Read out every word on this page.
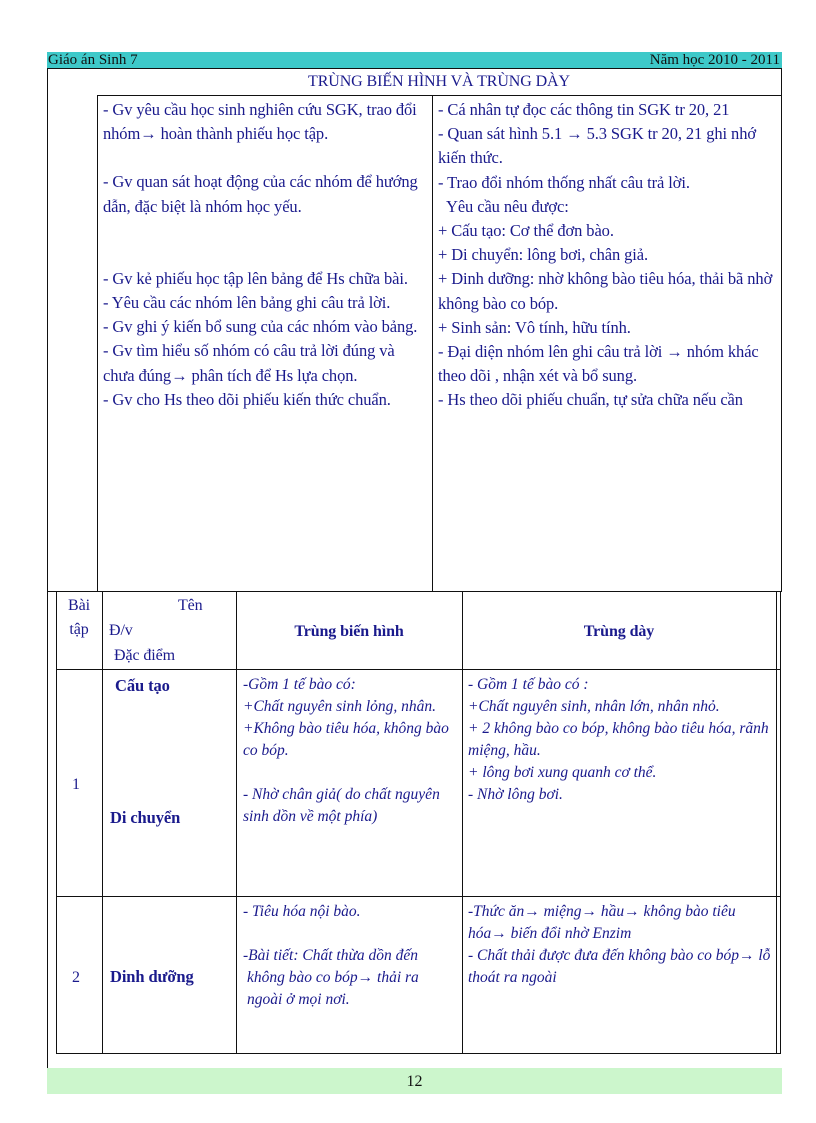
Giáo án Sinh 7	Năm học 2010 - 2011
TRÙNG BIẾN HÌNH VÀ TRÙNG DÀY

- Gv yêu cầu học sinh nghiên cứu SGK, trao đổi nhóm→ hoàn thành phiếu học tập.

- Gv quan sát hoạt động của các nhóm để hướng dẫn, đặc biệt là nhóm học yếu.

- Gv kẻ phiếu học tập lên bảng để Hs chữa bài.

- Yêu cầu các nhóm lên bảng ghi câu trả lời.

- Gv ghi ý kiến bổ sung của các nhóm vào bảng.

- Gv tìm hiểu số nhóm có câu trả lời đúng và chưa đúng→ phân tích để Hs lựa chọn.

- Gv cho Hs theo dõi phiếu kiến thức chuẩn.

- Cá nhân tự đọc các thông tin SGK tr 20, 21

- Quan sát hình 5.1 → 5.3 SGK tr 20, 21 ghi nhớ kiến thức.

- Trao đổi nhóm thống nhất câu trả lời.

Yêu cầu nêu được:

+ Cấu tạo: Cơ thể đơn bào.

+ Di chuyển: lông bơi, chân giả.

+ Dinh dưỡng: nhờ không bào tiêu hóa, thải bã nhờ không bào co bóp.

+ Sinh sản: Vô tính, hữu tính.

- Đại diện nhóm lên ghi câu trả lời → nhóm khác theo dõi , nhận xét và bổ sung.

- Hs theo dõi phiếu chuẩn, tự sửa chữa nếu cần

Bài tập
Tên
Đ/v
Đặc điểm
Trùng biến hình	Trùng dày
1
Cấu tạo
Di chuyển

-Gồm 1 tế bào có:

+Chất nguyên sinh lỏng, nhân.

+Không bào tiêu hóa, không bào co bóp.

- Nhờ chân giả( do chất nguyên sinh dồn về một phía)

- Gồm 1 tế bào có :

+Chất nguyên sinh, nhân lớn, nhân nhỏ.

+ 2 không bào co bóp, không bào tiêu hóa, rãnh miệng, hầu.

+ lông bơi xung quanh cơ thể.

- Nhờ lông bơi.

2 Dinh dưỡng

- Tiêu hóa nội bào.

-Bài tiết: Chất thừa dồn đến

không bào co bóp→ thải ra ngoài ở mọi nơi.

-Thức ăn→ miệng→ hầu→ không bào tiêu hóa→ biến đổi nhờ Enzim

- Chất thải được đưa đến không bào co bóp→ lỗ thoát ra ngoài

12
